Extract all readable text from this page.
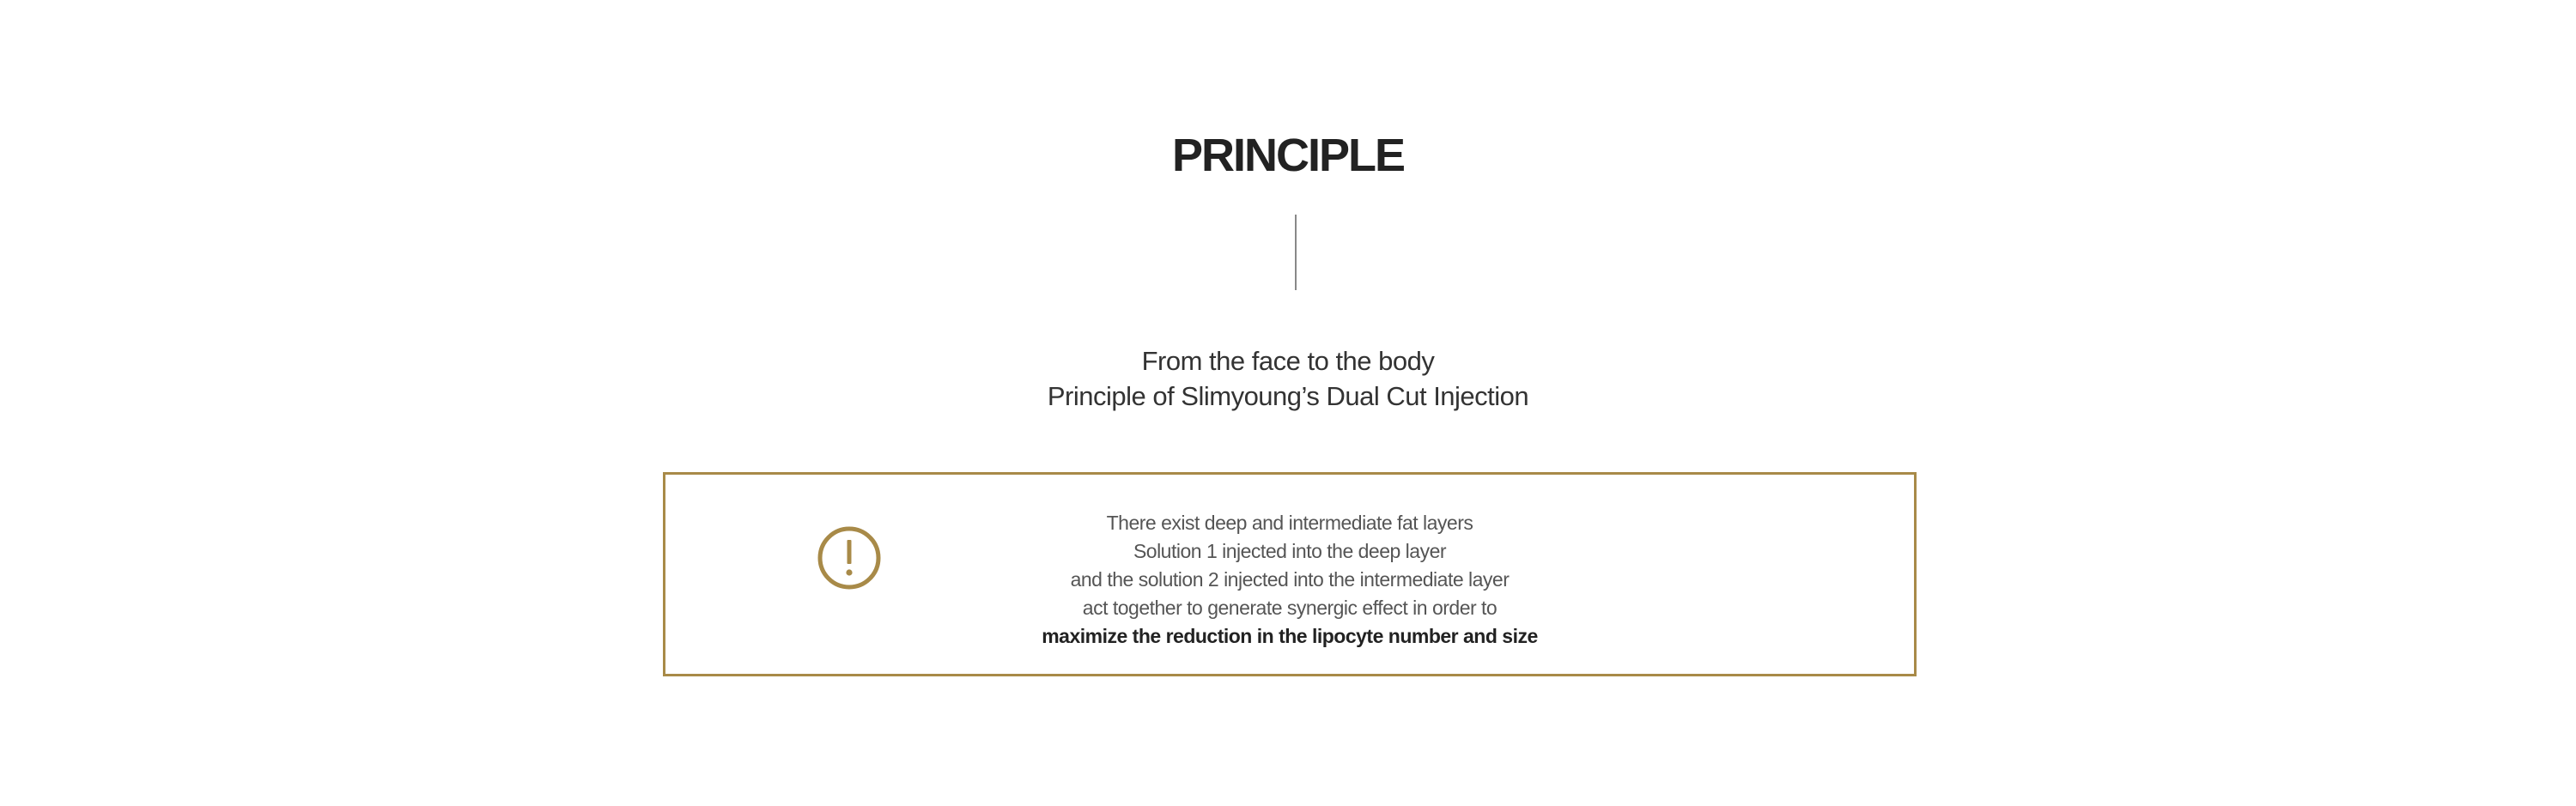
PRINCIPLE
From the face to the body
Principle of Slimyoung’s Dual Cut Injection
There exist deep and intermediate fat layers
Solution 1 injected into the deep layer
and the solution 2 injected into the intermediate layer
act together to generate synergic effect in order to
maximize the reduction in the lipocyte number and size
